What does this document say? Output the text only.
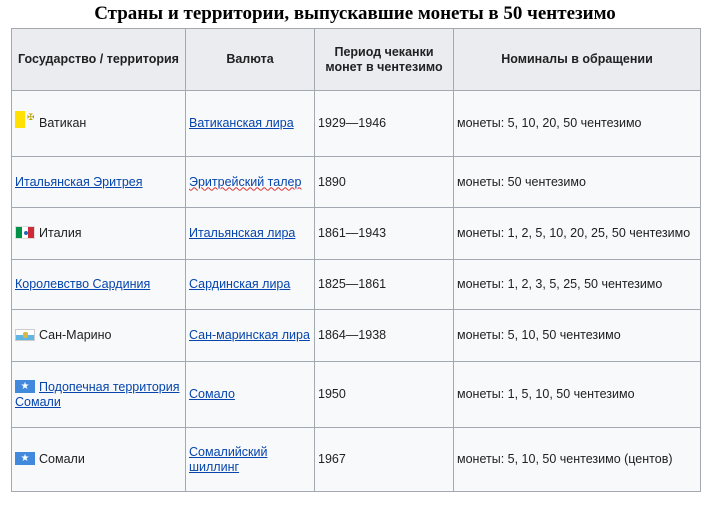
Страны и территории, выпускавшие монеты в 50 чентезимо
Государство / территория	Валюта	Период чеканки монет в чентезимо	Номиналы в обращении
✠ Ватикан	Ватиканская лира	1929—1946	монеты: 5, 10, 20, 50 чентезимо
Итальянская Эритрея	Эритрейский талер	1890	монеты: 50 чентезимо
Италия	Итальянская лира	1861—1943	монеты: 1, 2, 5, 10, 20, 25, 50 чентезимо
Королевство Сардиния	Сардинская лира	1825—1861	монеты: 1, 2, 3, 5, 25, 50 чентезимо
Сан-Марино	Сан-маринская лира	1864—1938	монеты: 5, 10, 50 чентезимо
★ Подопечная территория Сомали	Сомало	1950	монеты: 1, 5, 10, 50 чентезимо
★ Сомали	Сомалийский шиллинг	1967	монеты: 5, 10, 50 чентезимо (центов)
